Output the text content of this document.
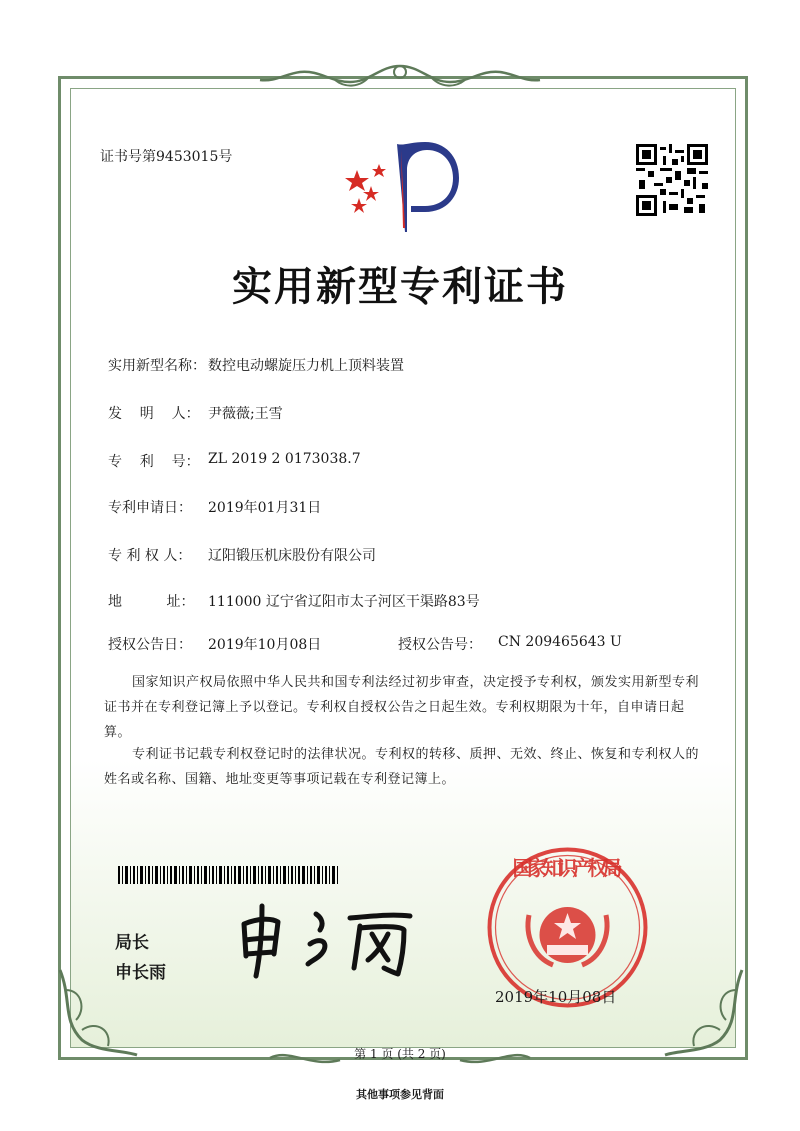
证书号第9453015号
实用新型专利证书
实用新型名称： 数控电动螺旋压力机上顶料装置
发    明    人： 尹薇薇;王雪
专    利    号： ZL 2019 2 0173038.7
专利申请日：	2019年01月31日
专 利 权 人：	辽阳锻压机床股份有限公司
地          址： 111000 辽宁省辽阳市太子河区干渠路83号
授权公告日：	2019年10月08日	授权公告号：	CN 209465643 U
国家知识产权局依照中华人民共和国专利法经过初步审查，决定授予专利权，颁发实用新型专利证书并在专利登记簿上予以登记。专利权自授权公告之日起生效。专利权期限为十年，自申请日起算。
专利证书记载专利权登记时的法律状况。专利权的转移、质押、无效、终止、恢复和专利权人的姓名或名称、国籍、地址变更等事项记载在专利登记簿上。
局长
申长雨
国 家 知 识 产 权 局
2019年10月08日
第 1 页 (共 2 页)
其他事项参见背面
